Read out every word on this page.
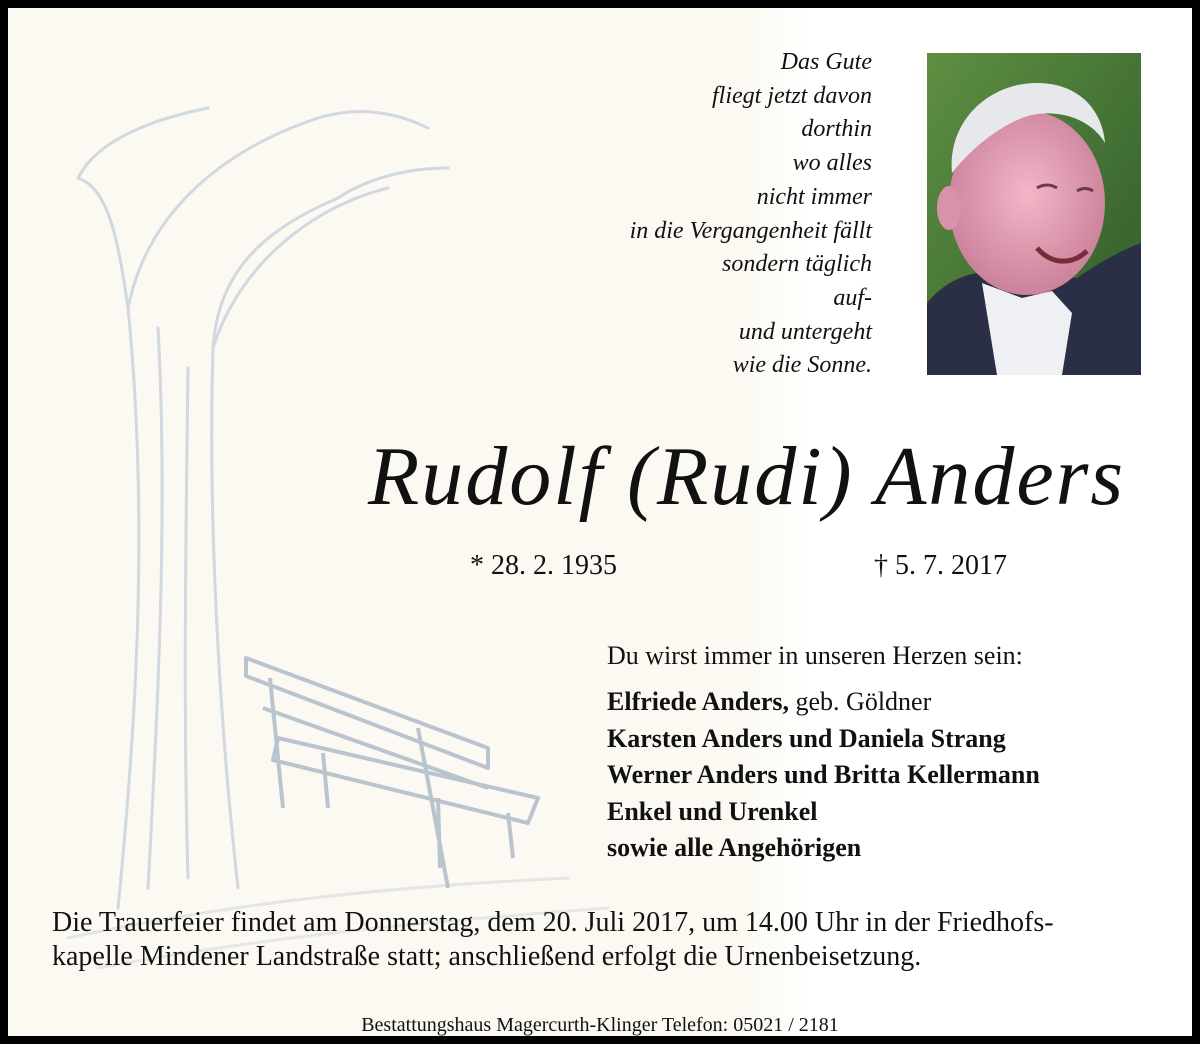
Das Gute
fliegt jetzt davon
dorthin
wo alles
nicht immer
in die Vergangenheit fällt
sondern täglich
auf-
und untergeht
wie die Sonne.
Rudolf (Rudi) Anders
* 28. 2. 1935	† 5. 7. 2017
Du wirst immer in unseren Herzen sein:
Elfriede Anders, geb. Göldner
Karsten Anders und Daniela Strang
Werner Anders und Britta Kellermann
Enkel und Urenkel
sowie alle Angehörigen
Die Trauerfeier findet am Donnerstag, dem 20. Juli 2017, um 14.00 Uhr in der Friedhofs-
kapelle Mindener Landstraße statt; anschließend erfolgt die Urnenbeisetzung.
Bestattungshaus Magercurth-Klinger Telefon: 05021 / 2181
